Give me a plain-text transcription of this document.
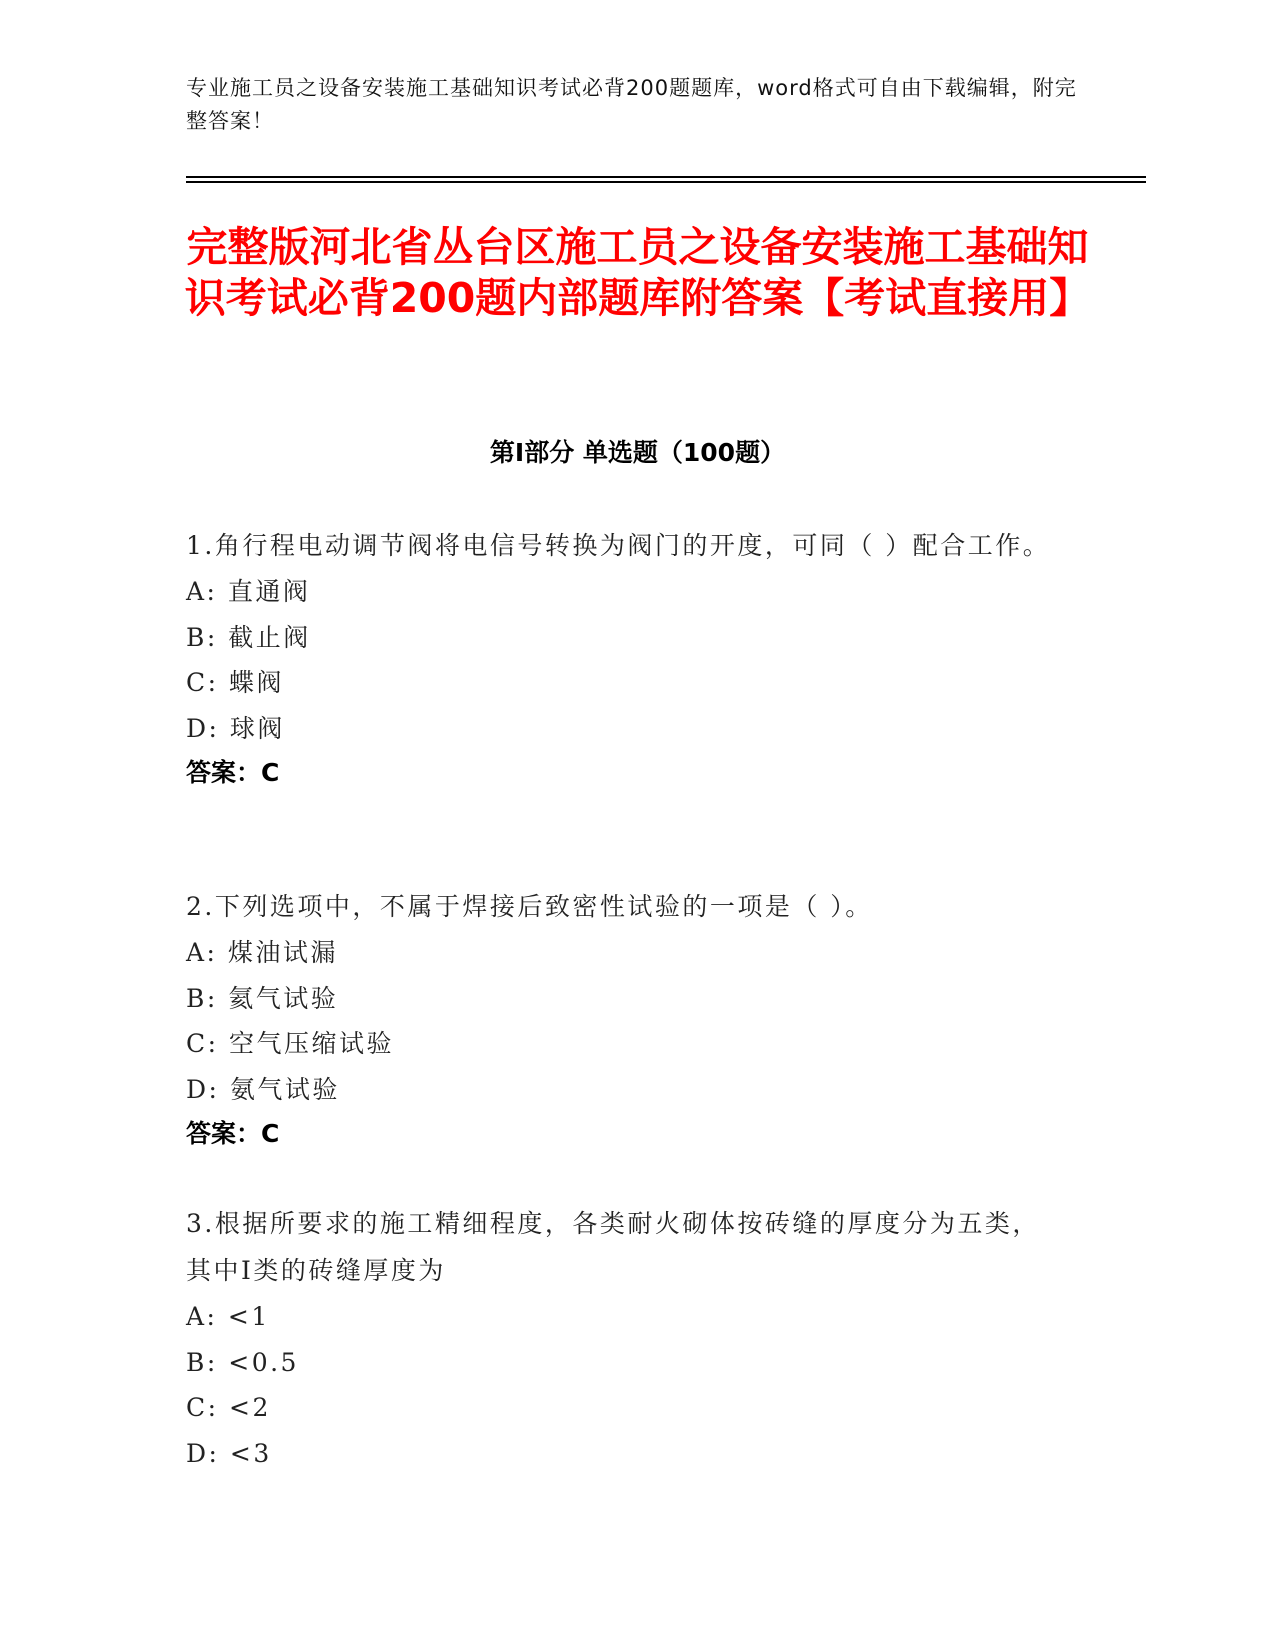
专业施工员之设备安装施工基础知识考试必背200题题库，word格式可自由下载编辑，附完整答案！
完整版河北省丛台区施工员之设备安装施工基础知识考试必背200题内部题库附答案【考试直接用】
第Ⅰ部分 单选题（100题）
1.角行程电动调节阀将电信号转换为阀门的开度，可同（ ）配合工作。
A: 直通阀
B: 截止阀
C: 蝶阀
D: 球阀
答案：C
2.下列选项中，不属于焊接后致密性试验的一项是（ ）。
A: 煤油试漏
B: 氦气试验
C: 空气压缩试验
D: 氨气试验
答案：C
3.根据所要求的施工精细程度，各类耐火砌体按砖缝的厚度分为五类，其中Ⅰ类的砖缝厚度为
A: <1
B: <0.5
C: <2
D: <3
